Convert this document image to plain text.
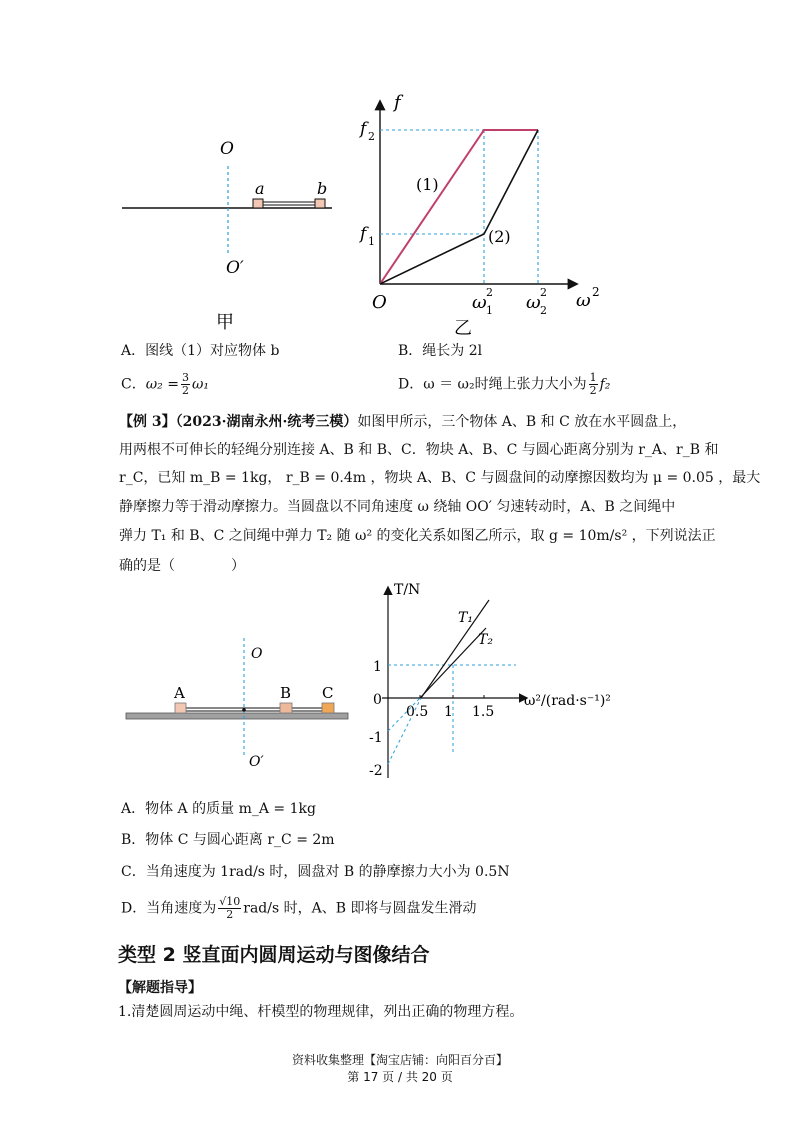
O
O′
a	b
甲
f
ω 2
O
f 2
f 1
(1)
(2)
ω 2
1 ω 2
2
乙
A．图线（1）对应物体 b	B．绳长为 2l
C．$\omega_2 = \frac{3}{2} \omega_1$	D．ω ＝ ω₂时绳上张力大小为 $\frac{1}{2} f_2$
【例 3】（2023·湖南永州·统考三模）如图甲所示，三个物体 A、B 和 C 放在水平圆盘上，
用两根不可伸长的轻绳分别连接 A、B 和 B、C．物块 A、B、C 与圆心距离分别为 r_A、r_B 和
r_C，已知 m_B = 1kg， r_B = 0.4m ，物块 A、B、C 与圆盘间的动摩擦因数均为 μ = 0.05 ，最大
静摩擦力等于滑动摩擦力。当圆盘以不同角速度 ω 绕轴 OO′ 匀速转动时，A、B 之间绳中
弹力 T₁ 和 B、C 之间绳中弹力 T₂ 随 ω² 的变化关系如图乙所示，取 g = 10m/s² ，下列说法正
确的是（　　　　）
A	B C
O
O′
T/N
ω²/(rad·s⁻¹)²
0.5 1 1.5
1
0
-1
-2
T₁
T₂
A．物体 A 的质量 m_A = 1kg
B．物体 C 与圆心距离 r_C = 2m
C．当角速度为 1rad/s 时，圆盘对 B 的静摩擦力大小为 0.5N
D．当角速度为 $\frac{√10}{2} rad/s$ 时，A、B 即将与圆盘发生滑动
类型 2 竖直面内圆周运动与图像结合
【解题指导】
1.清楚圆周运动中绳、杆模型的物理规律，列出正确的物理方程。
资料收集整理【淘宝店铺：向阳百分百】
第 17 页 / 共 20 页
